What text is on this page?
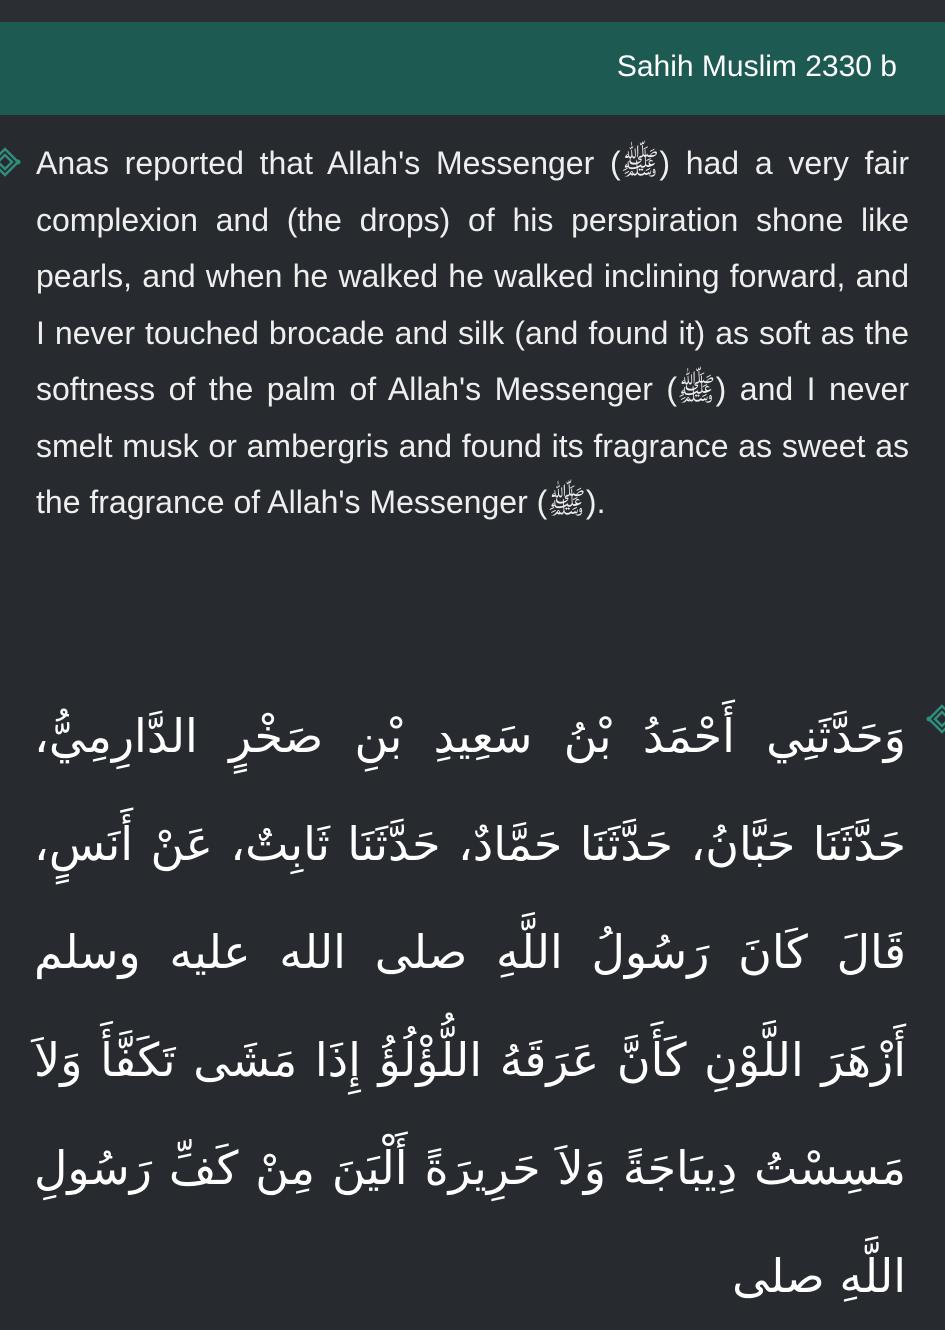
Sahih Muslim 2330 b

Anas reported that Allah's Messenger (ﷺ) had a very fair complexion and (the drops) of his perspiration shone like pearls, and when he walked he walked inclining forward, and I never touched brocade and silk (and found it) as soft as the softness of the palm of Allah's Messenger (ﷺ) and I never smelt musk or ambergris and found its fragrance as sweet as the fragrance of Allah's Messenger (ﷺ).

وَحَدَّثَنِي أَحْمَدُ بْنُ سَعِيدِ بْنِ صَخْرٍ الدَّارِمِيُّ، حَدَّثَنَا حَبَّانُ، حَدَّثَنَا حَمَّادٌ، حَدَّثَنَا ثَابِتٌ، عَنْ أَنَسٍ، قَالَ كَانَ رَسُولُ اللَّهِ صلى الله عليه وسلم أَزْهَرَ اللَّوْنِ كَأَنَّ عَرَقَهُ اللُّؤْلُؤُ إِذَا مَشَى تَكَفَّأَ وَلاَ مَسِسْتُ دِيبَاجَةً وَلاَ حَرِيرَةً أَلْيَنَ مِنْ كَفِّ رَسُولِ اللَّهِ صلى
